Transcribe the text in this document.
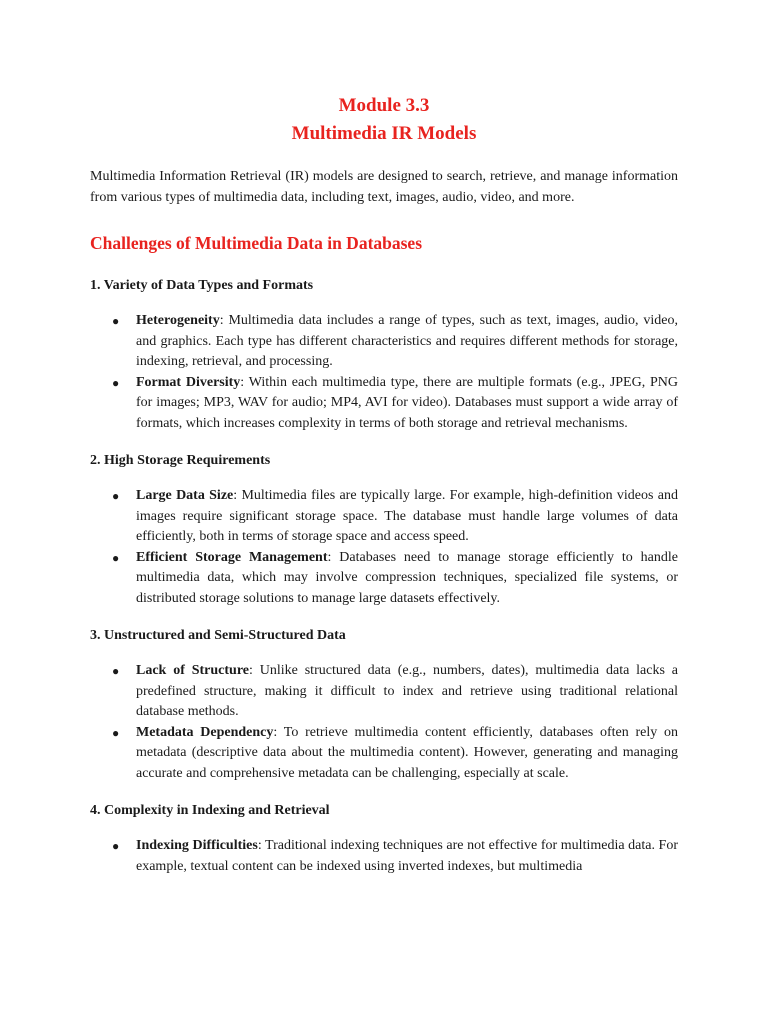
Module 3.3
Multimedia IR Models

Multimedia Information Retrieval (IR) models are designed to search, retrieve, and manage information from various types of multimedia data, including text, images, audio, video, and more.

Challenges of Multimedia Data in Databases
1. Variety of Data Types and Formats
● Heterogeneity: Multimedia data includes a range of types, such as text, images, audio, video, and graphics. Each type has different characteristics and requires different methods for storage, indexing, retrieval, and processing.
● Format Diversity: Within each multimedia type, there are multiple formats (e.g., JPEG, PNG for images; MP3, WAV for audio; MP4, AVI for video). Databases must support a wide array of formats, which increases complexity in terms of both storage and retrieval mechanisms.
2. High Storage Requirements
● Large Data Size: Multimedia files are typically large. For example, high-definition videos and images require significant storage space. The database must handle large volumes of data efficiently, both in terms of storage space and access speed.
● Efficient Storage Management: Databases need to manage storage efficiently to handle multimedia data, which may involve compression techniques, specialized file systems, or distributed storage solutions to manage large datasets effectively.
3. Unstructured and Semi-Structured Data
● Lack of Structure: Unlike structured data (e.g., numbers, dates), multimedia data lacks a predefined structure, making it difficult to index and retrieve using traditional relational database methods.
● Metadata Dependency: To retrieve multimedia content efficiently, databases often rely on metadata (descriptive data about the multimedia content). However, generating and managing accurate and comprehensive metadata can be challenging, especially at scale.
4. Complexity in Indexing and Retrieval
● Indexing Difficulties: Traditional indexing techniques are not effective for multimedia data. For example, textual content can be indexed using inverted indexes, but multimedia
